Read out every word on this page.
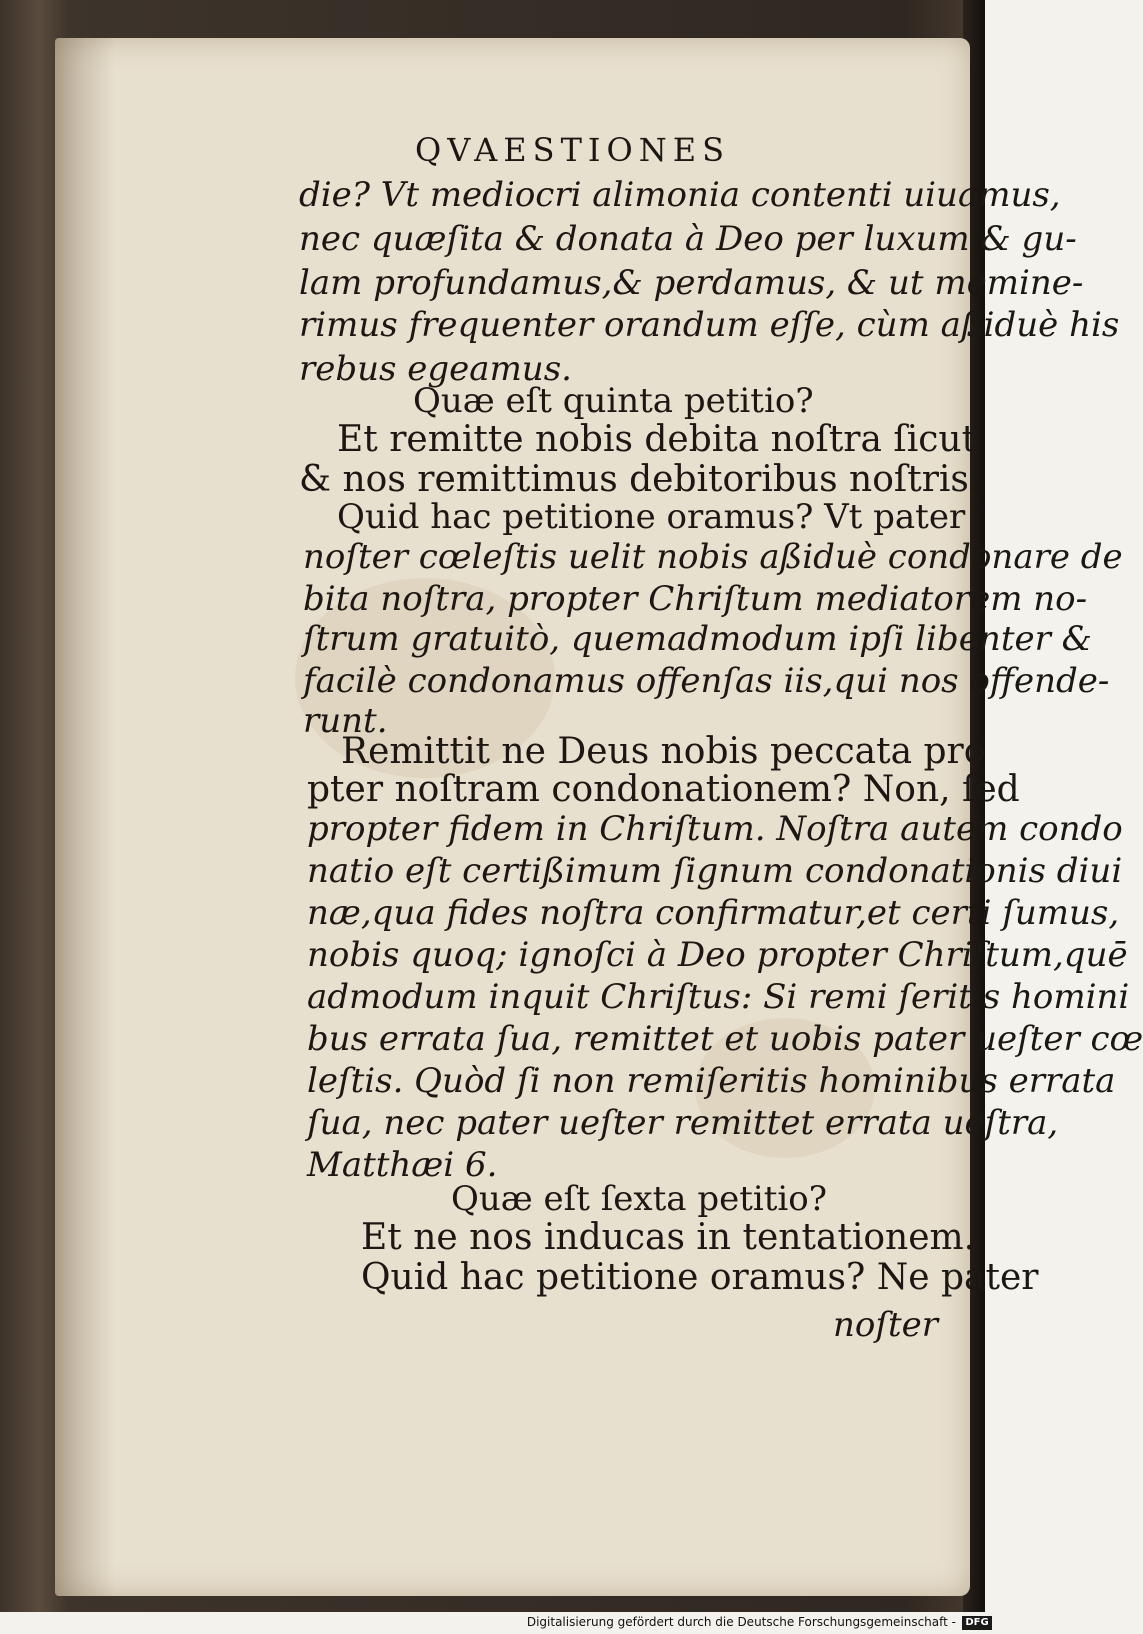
QVAESTIONES
die? Vt mediocri alimonia contenti uiuamus,
nec quæſita & donata à Deo per luxum & gu-
lam profundamus,& perdamus, & ut memine-
rimus frequenter orandum eſſe, cùm aßiduè his
rebus egeamus.
Quæ eſt quinta petitio?
Et remitte nobis debita noſtra ſicut
& nos remittimus debitoribus noſtris.
Quid hac petitione oramus? Vt pater
noſter cœleſtis uelit nobis aßiduè condonare de
bita noſtra, propter Chriſtum mediatorem no-
ſtrum gratuitò, quemadmodum ipſi libenter &
facilè condonamus offenſas iis,qui nos offende-
runt.
Remittit ne Deus nobis peccata pro
pter noſtram condonationem? Non, ſed
propter fidem in Chriſtum. Noſtra autem condo
natio eſt certißimum ſignum condonationis diui
næ,qua fides noſtra confirmatur,et certi ſumus,
nobis quoq; ignoſci à Deo propter Chriſtum,quē
admodum inquit Chriſtus: Si remi ſeritis homini
bus errata ſua, remittet et uobis pater ueſter cœ
leſtis. Quòd ſi non remiſeritis hominibus errata
ſua, nec pater ueſter remittet errata ueſtra,
Matthæi 6.
Quæ eſt ſexta petitio?
Et ne nos inducas in tentationem.
Quid hac petitione oramus? Ne pater
noſter
Digitalisierung gefördert durch die Deutsche Forschungsgemeinschaft - DFG
